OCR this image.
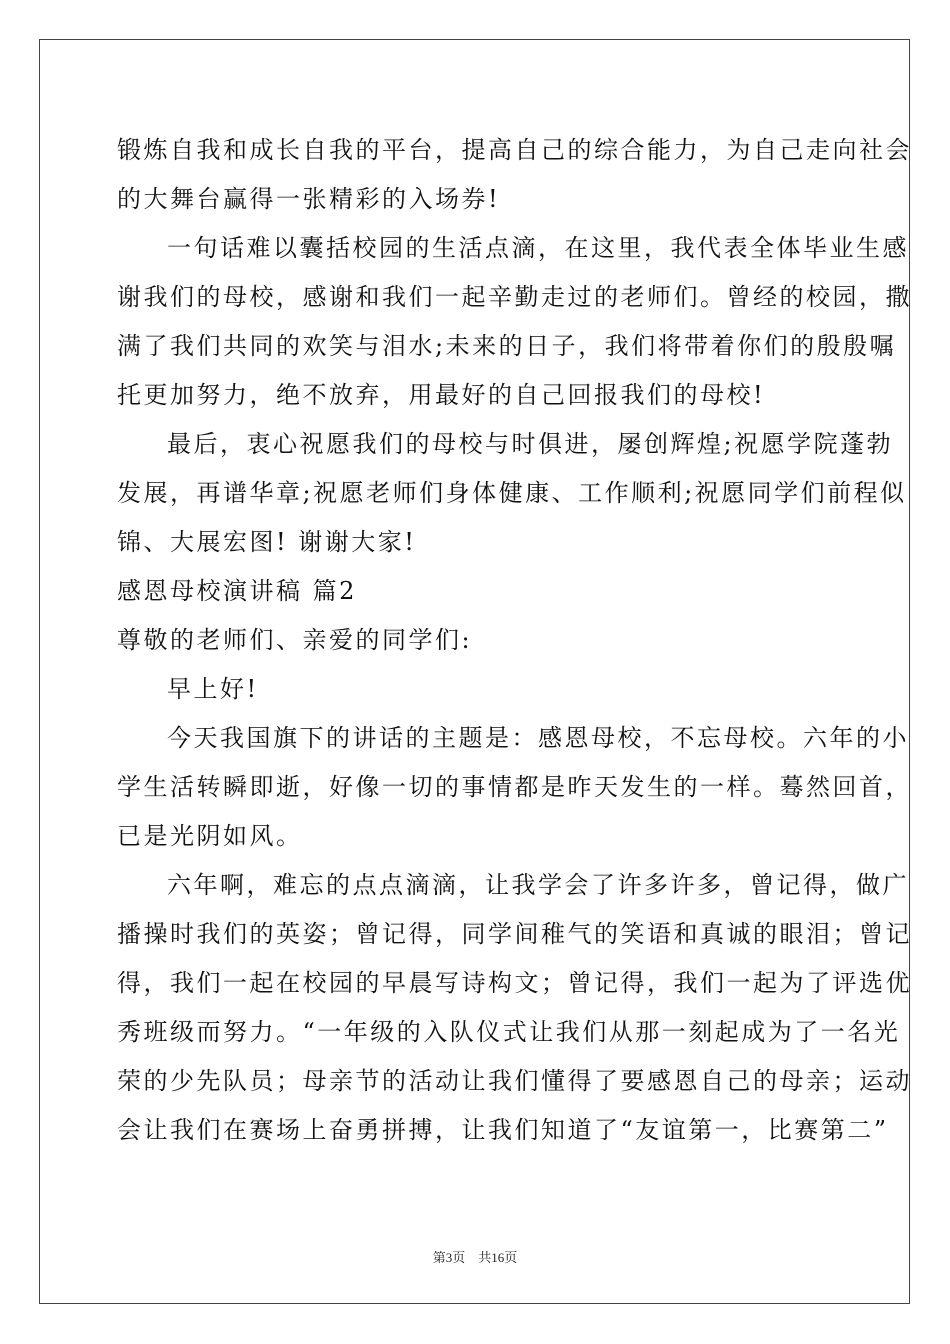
锻炼自我和成长自我的平台，提高自己的综合能力，为自己走向社会
的大舞台赢得一张精彩的入场券!
一句话难以囊括校园的生活点滴，在这里，我代表全体毕业生感
谢我们的母校，感谢和我们一起辛勤走过的老师们。曾经的校园，撒
满了我们共同的欢笑与泪水;未来的日子，我们将带着你们的殷殷嘱
托更加努力，绝不放弃，用最好的自己回报我们的母校!
最后，衷心祝愿我们的母校与时俱进，屡创辉煌;祝愿学院蓬勃
发展，再谱华章;祝愿老师们身体健康、工作顺利;祝愿同学们前程似
锦、大展宏图! 谢谢大家!
感恩母校演讲稿 篇2
尊敬的老师们、亲爱的同学们:
早上好!
今天我国旗下的讲话的主题是：感恩母校，不忘母校。六年的小
学生活转瞬即逝，好像一切的事情都是昨天发生的一样。蓦然回首，
已是光阴如风。
六年啊，难忘的点点滴滴，让我学会了许多许多，曾记得，做广
播操时我们的英姿；曾记得，同学间稚气的笑语和真诚的眼泪；曾记
得，我们一起在校园的早晨写诗构文；曾记得，我们一起为了评选优
秀班级而努力。“一年级的入队仪式让我们从那一刻起成为了一名光
荣的少先队员；母亲节的活动让我们懂得了要感恩自己的母亲；运动
会让我们在赛场上奋勇拼搏，让我们知道了“友谊第一，比赛第二”
第3页　共16页
